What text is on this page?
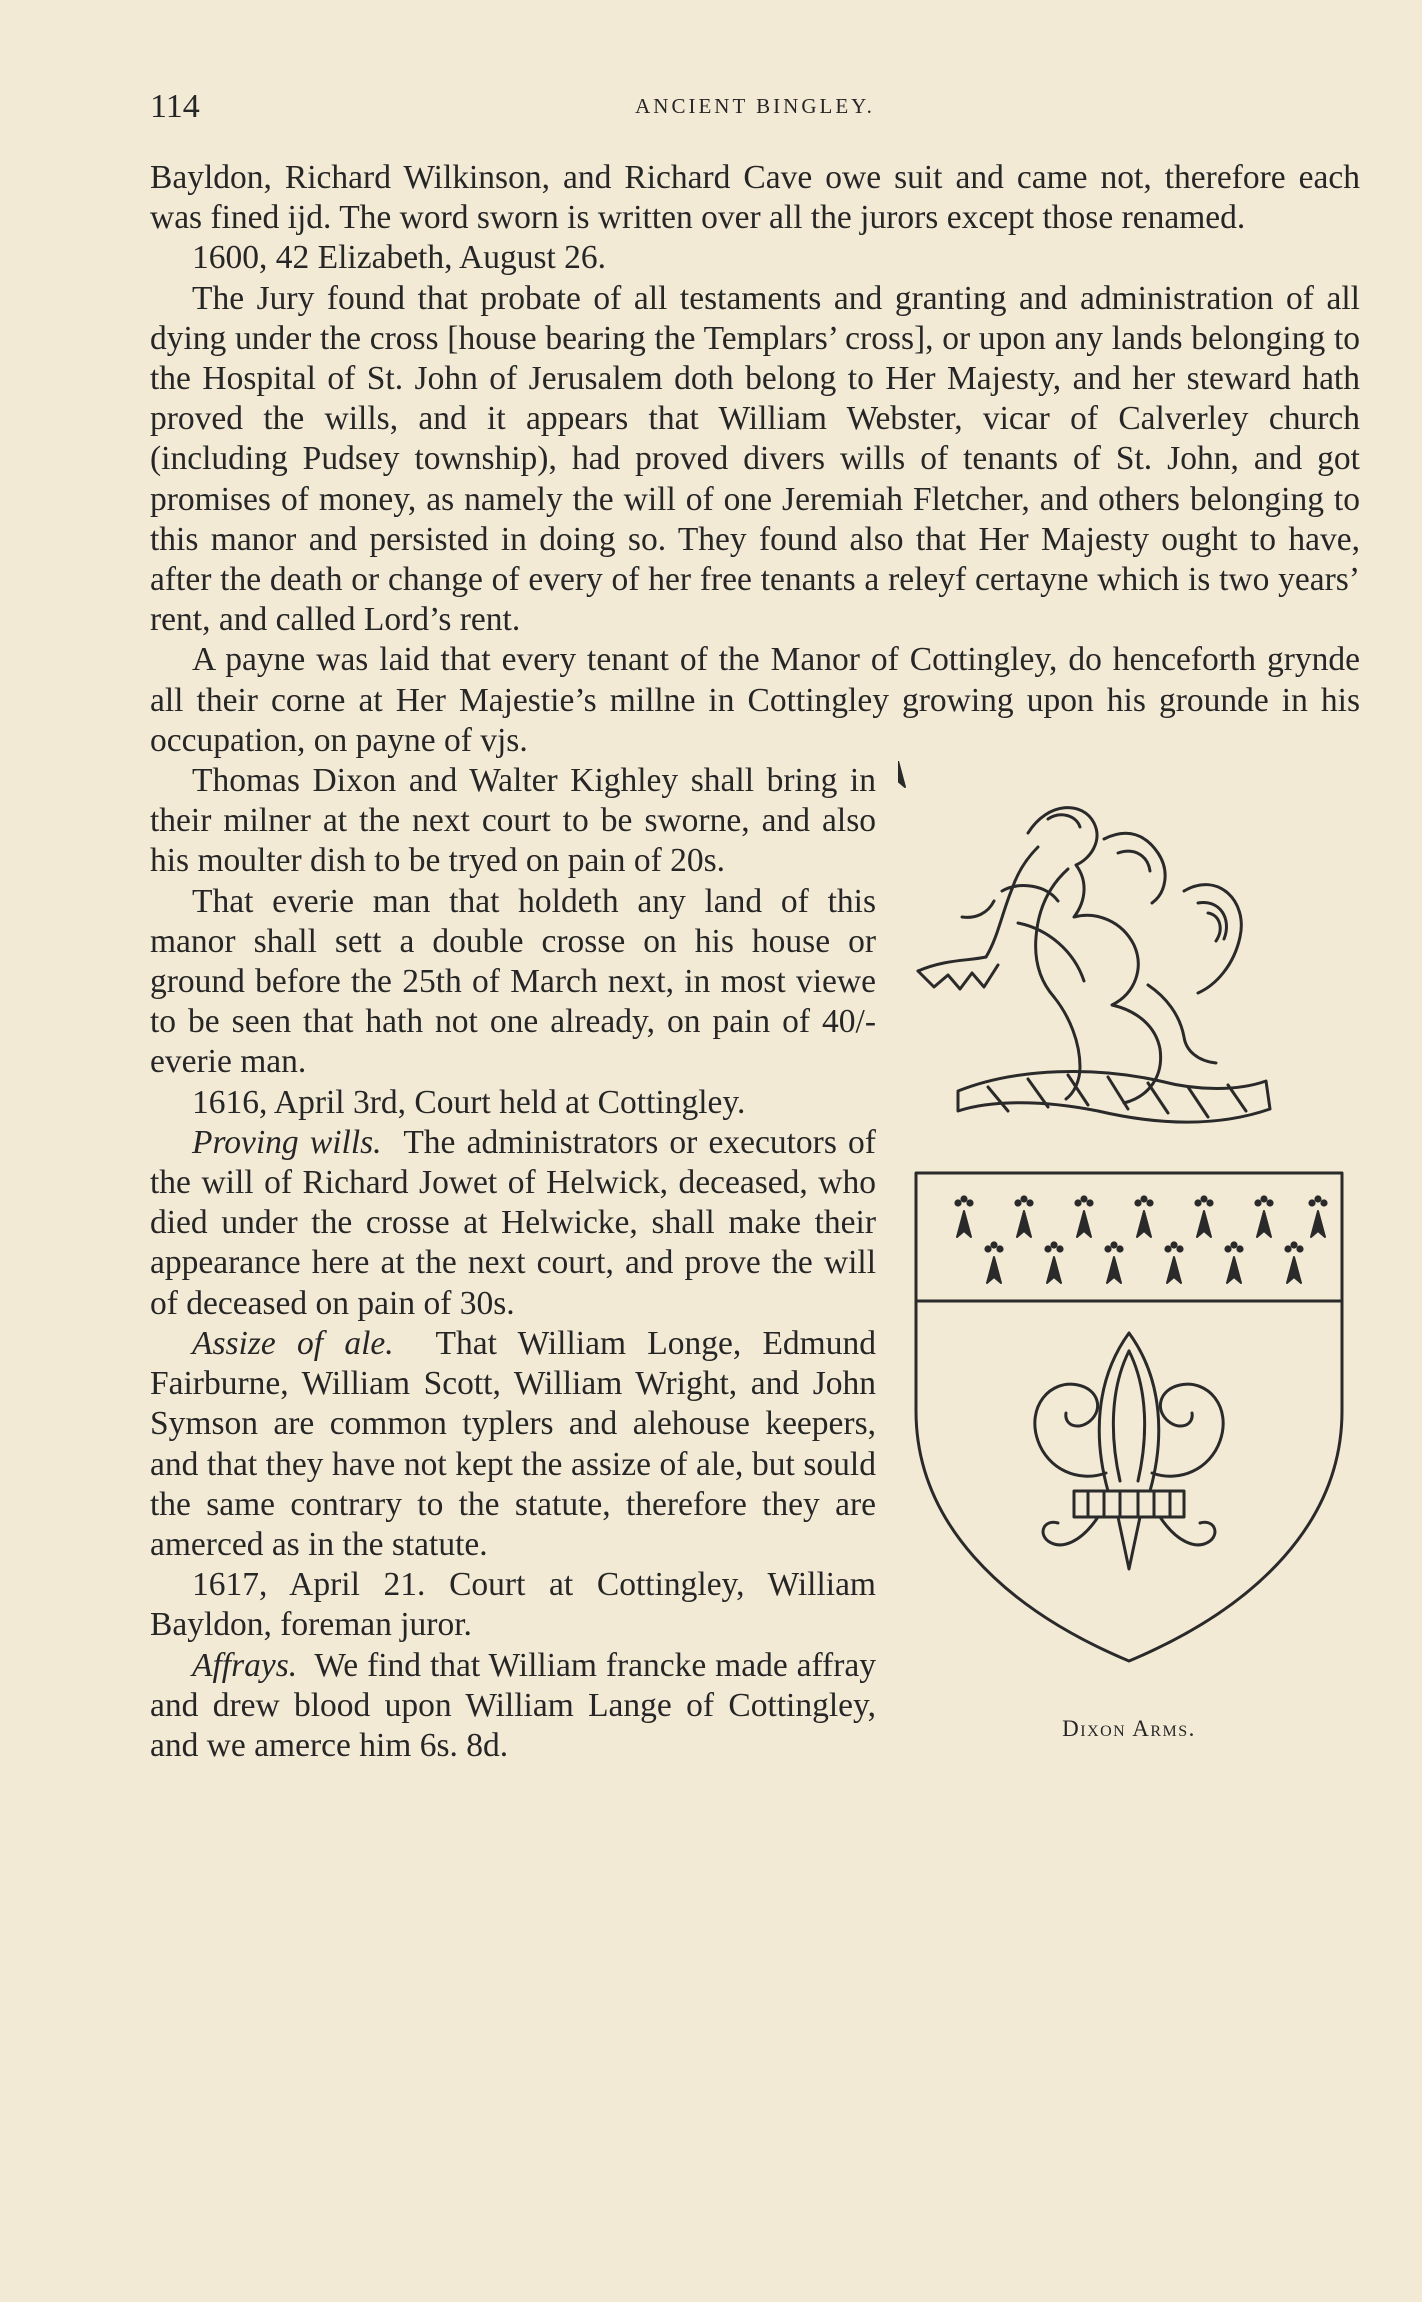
114	ANCIENT BINGLEY.

Bayldon, Richard Wilkinson, and Richard Cave owe suit and came not, therefore each was fined ijd. The word sworn is written over all the jurors except those renamed.

1600, 42 Elizabeth, August 26.

The Jury found that probate of all testaments and granting and administration of all dying under the cross [house bearing the Templars’ cross], or upon any lands belonging to the Hospital of St. John of Jerusalem doth belong to Her Majesty, and her steward hath proved the wills, and it appears that William Webster, vicar of Calverley church (including Pudsey township), had proved divers wills of tenants of St. John, and got promises of money, as namely the will of one Jeremiah Fletcher, and others belonging to this manor and persisted in doing so. They found also that Her Majesty ought to have, after the death or change of every of her free tenants a releyf certayne which is two years’ rent, and called Lord’s rent.

A payne was laid that every tenant of the Manor of Cottingley, do henceforth grynde all their corne at Her Majestie’s millne in Cottingley growing upon his grounde in his occupation, on payne of vjs.

Dixon Arms.

Thomas Dixon and Walter Kighley shall bring in their milner at the next court to be sworne, and also his moulter dish to be tryed on pain of 20s.

That everie man that holdeth any land of this manor shall sett a double crosse on his house or ground before the 25th of March next, in most viewe to be seen that hath not one already, on pain of 40/- everie man.

1616, April 3rd, Court held at Cottingley.

Proving wills. The administrators or executors of the will of Richard Jowet of Helwick, deceased, who died under the crosse at Helwicke, shall make their appearance here at the next court, and prove the will of deceased on pain of 30s.

Assize of ale. That William Longe, Edmund Fairburne, William Scott, William Wright, and John Symson are common typlers and alehouse keepers, and that they have not kept the assize of ale, but sould the same contrary to the statute, therefore they are amerced as in the statute.

1617, April 21. Court at Cottingley, William Bayldon, foreman juror.

Affrays. We find that William francke made affray and drew blood upon William Lange of Cottingley, and we amerce him 6s. 8d.
